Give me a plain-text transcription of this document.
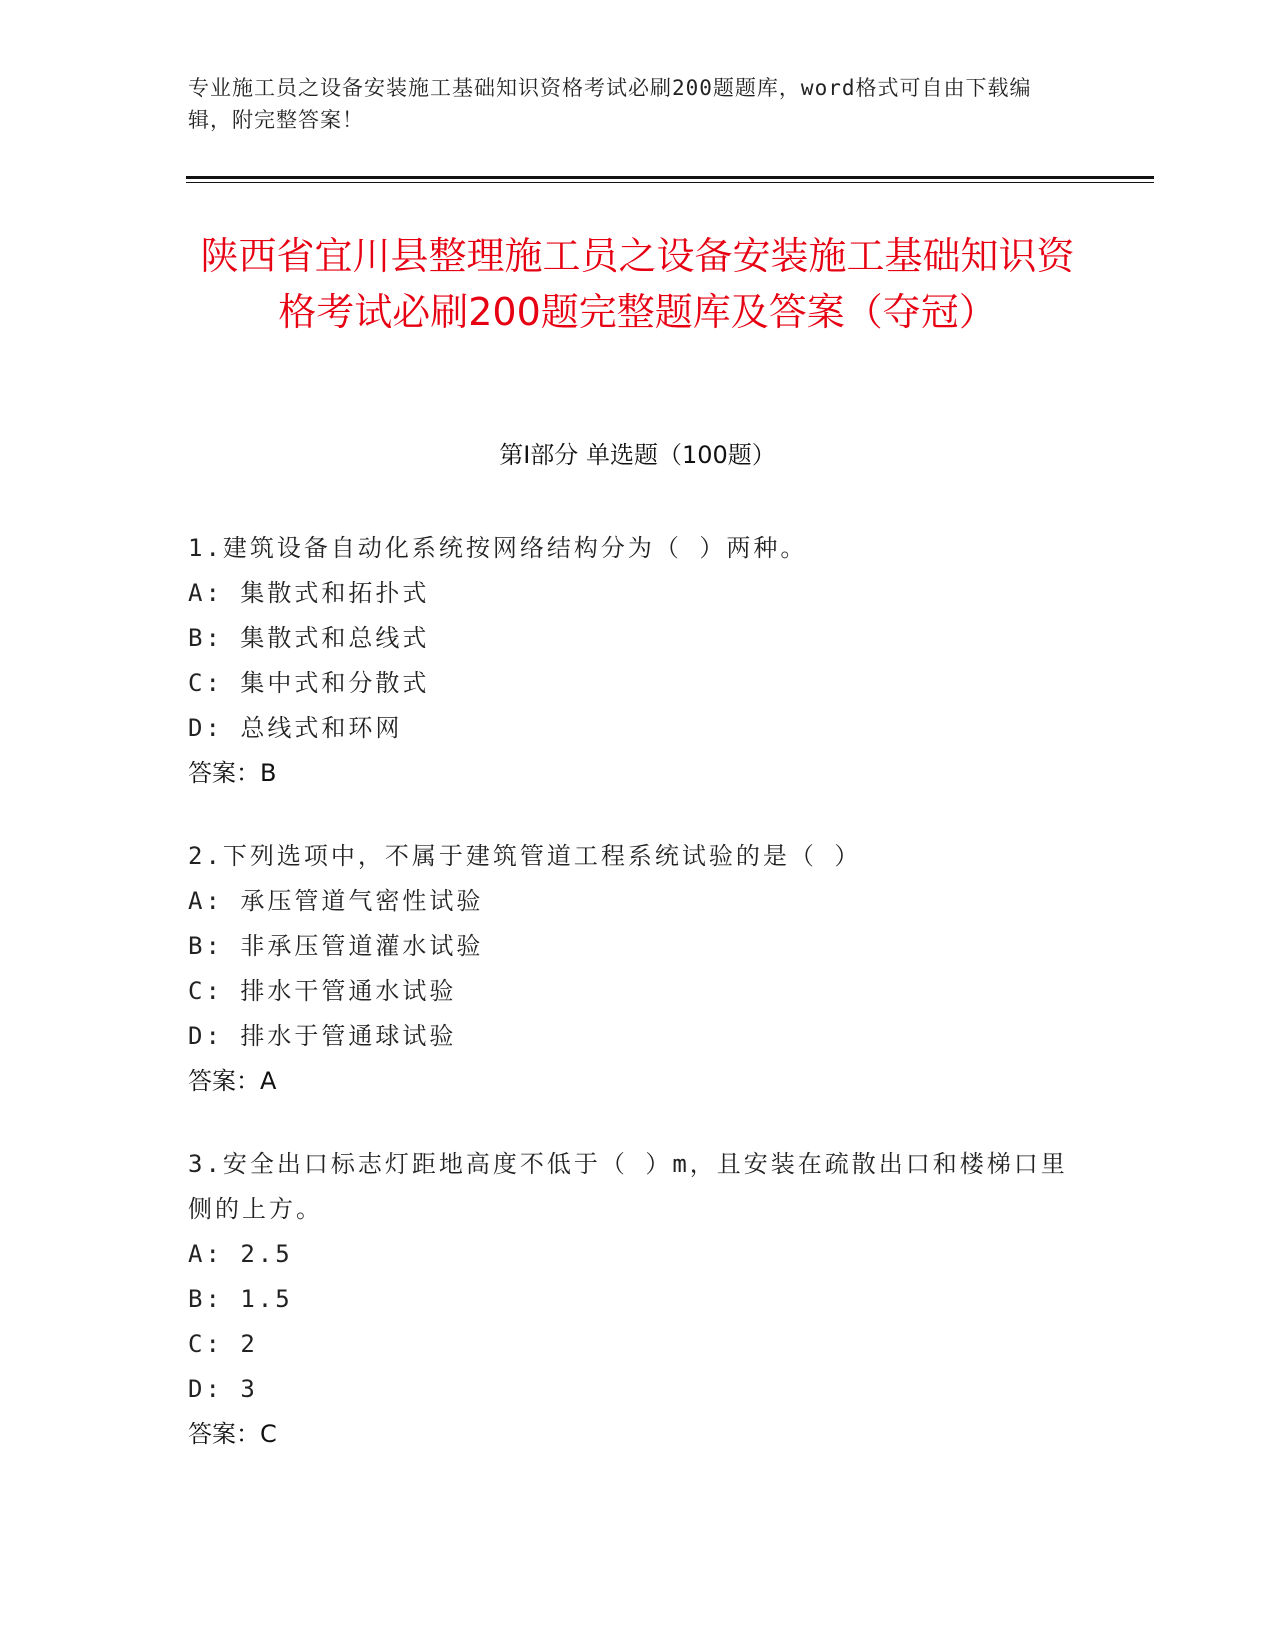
专业施工员之设备安装施工基础知识资格考试必刷200题题库，word格式可自由下载编辑，附完整答案！
陕西省宜川县整理施工员之设备安装施工基础知识资格考试必刷200题完整题库及答案（夺冠）
第I部分 单选题（100题）
1.建筑设备自动化系统按网络结构分为（ ）两种。
A: 集散式和拓扑式
B: 集散式和总线式
C: 集中式和分散式
D: 总线式和环网
答案：B
2.下列选项中，不属于建筑管道工程系统试验的是（ ）
A: 承压管道气密性试验
B: 非承压管道灌水试验
C: 排水干管通水试验
D: 排水于管通球试验
答案：A
3.安全出口标志灯距地高度不低于（ ）m，且安装在疏散出口和楼梯口里侧的上方。
A: 2.5
B: 1.5
C: 2
D: 3
答案：C
